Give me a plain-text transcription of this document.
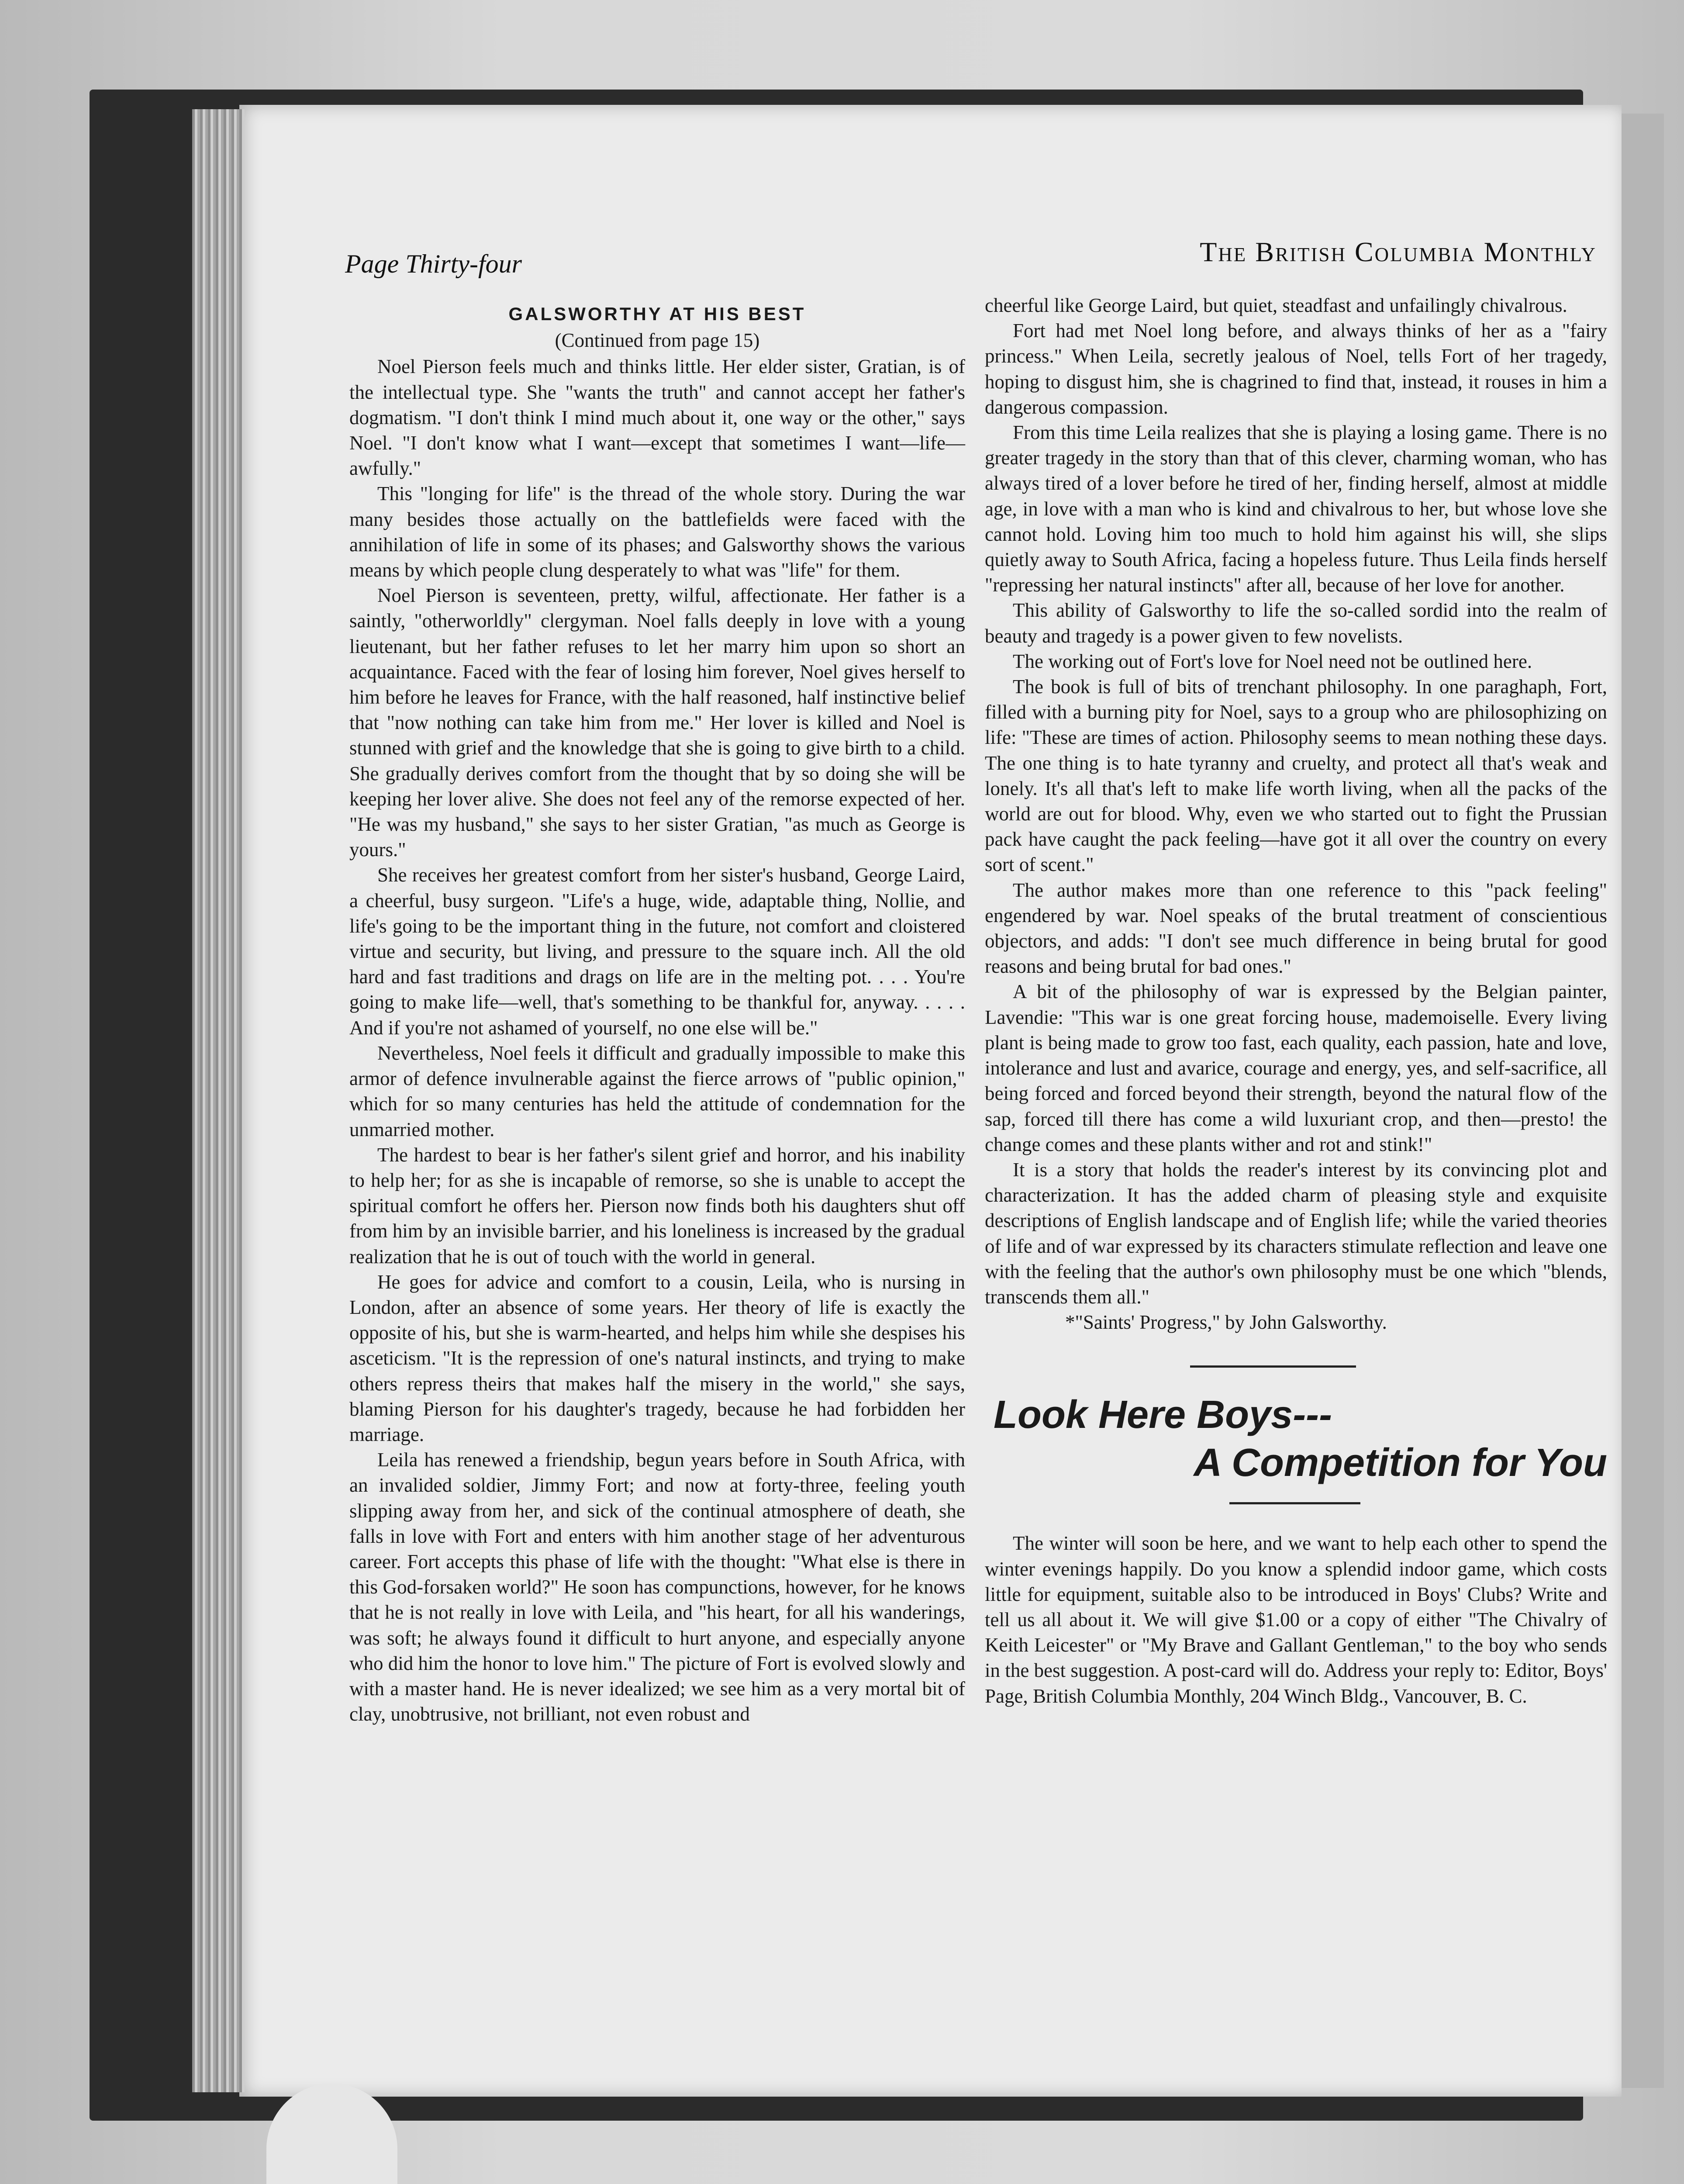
Page Thirty-four	The British Columbia Monthly
GALSWORTHY AT HIS BEST
(Continued from page 15)

Noel Pierson feels much and thinks little. Her elder sister, Gratian, is of the intellectual type. She "wants the truth" and cannot accept her father's dogmatism. "I don't think I mind much about it, one way or the other," says Noel. "I don't know what I want—except that sometimes I want—life—awfully."

This "longing for life" is the thread of the whole story. During the war many besides those actually on the battlefields were faced with the annihilation of life in some of its phases; and Galsworthy shows the various means by which people clung desperately to what was "life" for them.

Noel Pierson is seventeen, pretty, wilful, affectionate. Her father is a saintly, "otherworldly" clergyman. Noel falls deeply in love with a young lieutenant, but her father refuses to let her marry him upon so short an acquaintance. Faced with the fear of losing him forever, Noel gives herself to him before he leaves for France, with the half reasoned, half instinctive belief that "now nothing can take him from me." Her lover is killed and Noel is stunned with grief and the knowledge that she is going to give birth to a child. She gradually derives comfort from the thought that by so doing she will be keeping her lover alive. She does not feel any of the remorse expected of her. "He was my husband," she says to her sister Gratian, "as much as George is yours."

She receives her greatest comfort from her sister's husband, George Laird, a cheerful, busy surgeon. "Life's a huge, wide, adaptable thing, Nollie, and life's going to be the important thing in the future, not comfort and cloistered virtue and security, but living, and pressure to the square inch. All the old hard and fast traditions and drags on life are in the melting pot. . . . You're going to make life—well, that's something to be thankful for, anyway. . . . . And if you're not ashamed of yourself, no one else will be."

Nevertheless, Noel feels it difficult and gradually impossible to make this armor of defence invulnerable against the fierce arrows of "public opinion," which for so many centuries has held the attitude of condemnation for the unmarried mother.

The hardest to bear is her father's silent grief and horror, and his inability to help her; for as she is incapable of remorse, so she is unable to accept the spiritual comfort he offers her. Pierson now finds both his daughters shut off from him by an invisible barrier, and his loneliness is increased by the gradual realization that he is out of touch with the world in general.

He goes for advice and comfort to a cousin, Leila, who is nursing in London, after an absence of some years. Her theory of life is exactly the opposite of his, but she is warm-hearted, and helps him while she despises his asceticism. "It is the repression of one's natural instincts, and trying to make others repress theirs that makes half the misery in the world," she says, blaming Pierson for his daughter's tragedy, because he had forbidden her marriage.

Leila has renewed a friendship, begun years before in South Africa, with an invalided soldier, Jimmy Fort; and now at forty-three, feeling youth slipping away from her, and sick of the continual atmosphere of death, she falls in love with Fort and enters with him another stage of her adventurous career. Fort accepts this phase of life with the thought: "What else is there in this God-forsaken world?" He soon has compunctions, however, for he knows that he is not really in love with Leila, and "his heart, for all his wanderings, was soft; he always found it difficult to hurt anyone, and especially anyone who did him the honor to love him." The picture of Fort is evolved slowly and with a master hand. He is never idealized; we see him as a very mortal bit of clay, unobtrusive, not brilliant, not even robust and

cheerful like George Laird, but quiet, steadfast and unfailingly chivalrous.

Fort had met Noel long before, and always thinks of her as a "fairy princess." When Leila, secretly jealous of Noel, tells Fort of her tragedy, hoping to disgust him, she is chagrined to find that, instead, it rouses in him a dangerous compassion.

From this time Leila realizes that she is playing a losing game. There is no greater tragedy in the story than that of this clever, charming woman, who has always tired of a lover before he tired of her, finding herself, almost at middle age, in love with a man who is kind and chivalrous to her, but whose love she cannot hold. Loving him too much to hold him against his will, she slips quietly away to South Africa, facing a hopeless future. Thus Leila finds herself "repressing her natural instincts" after all, because of her love for another.

This ability of Galsworthy to life the so-called sordid into the realm of beauty and tragedy is a power given to few novelists.

The working out of Fort's love for Noel need not be outlined here.

The book is full of bits of trenchant philosophy. In one paraghaph, Fort, filled with a burning pity for Noel, says to a group who are philosophizing on life: "These are times of action. Philosophy seems to mean nothing these days. The one thing is to hate tyranny and cruelty, and protect all that's weak and lonely. It's all that's left to make life worth living, when all the packs of the world are out for blood. Why, even we who started out to fight the Prussian pack have caught the pack feeling—have got it all over the country on every sort of scent."

The author makes more than one reference to this "pack feeling" engendered by war. Noel speaks of the brutal treatment of conscientious objectors, and adds: "I don't see much difference in being brutal for good reasons and being brutal for bad ones."

A bit of the philosophy of war is expressed by the Belgian painter, Lavendie: "This war is one great forcing house, mademoiselle. Every living plant is being made to grow too fast, each quality, each passion, hate and love, intolerance and lust and avarice, courage and energy, yes, and self-sacrifice, all being forced and forced beyond their strength, beyond the natural flow of the sap, forced till there has come a wild luxuriant crop, and then—presto! the change comes and these plants wither and rot and stink!"

It is a story that holds the reader's interest by its convincing plot and characterization. It has the added charm of pleasing style and exquisite descriptions of English landscape and of English life; while the varied theories of life and of war expressed by its characters stimulate reflection and leave one with the feeling that the author's own philosophy must be one which "blends, transcends them all."

*"Saints' Progress," by John Galsworthy.

Look Here Boys---
A Competition for You

The winter will soon be here, and we want to help each other to spend the winter evenings happily. Do you know a splendid indoor game, which costs little for equipment, suitable also to be introduced in Boys' Clubs? Write and tell us all about it. We will give $1.00 or a copy of either "The Chivalry of Keith Leicester" or "My Brave and Gallant Gentleman," to the boy who sends in the best suggestion. A post-card will do. Address your reply to: Editor, Boys' Page, British Columbia Monthly, 204 Winch Bldg., Vancouver, B. C.
